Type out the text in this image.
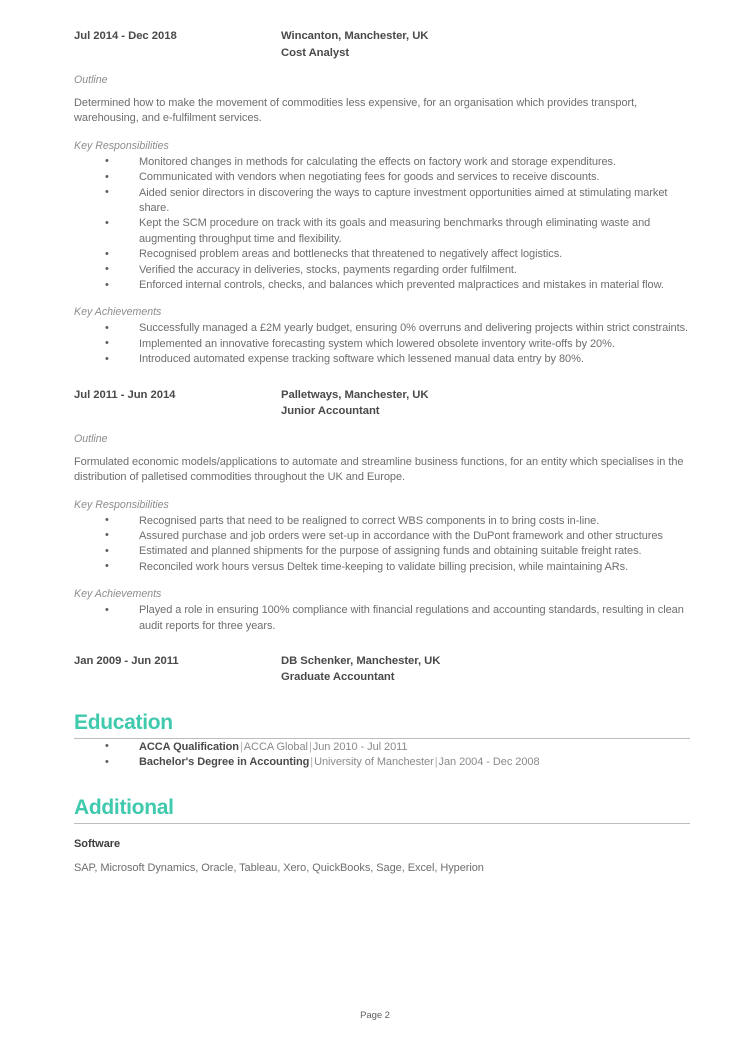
Jul 2014 - Dec 2018	Wincanton, Manchester, UK
Cost Analyst
Outline
Determined how to make the movement of commodities less expensive, for an organisation which provides transport, warehousing, and e-fulfilment services.
Key Responsibilities
• Monitored changes in methods for calculating the effects on factory work and storage expenditures.
• Communicated with vendors when negotiating fees for goods and services to receive discounts.
• Aided senior directors in discovering the ways to capture investment opportunities aimed at stimulating market share.
• Kept the SCM procedure on track with its goals and measuring benchmarks through eliminating waste and augmenting throughput time and flexibility.
• Recognised problem areas and bottlenecks that threatened to negatively affect logistics.
• Verified the accuracy in deliveries, stocks, payments regarding order fulfilment.
• Enforced internal controls, checks, and balances which prevented malpractices and mistakes in material flow.
Key Achievements
• Successfully managed a £2M yearly budget, ensuring 0% overruns and delivering projects within strict constraints.
• Implemented an innovative forecasting system which lowered obsolete inventory write-offs by 20%.
• Introduced automated expense tracking software which lessened manual data entry by 80%.
Jul 2011 - Jun 2014	Palletways, Manchester, UK
Junior Accountant
Outline
Formulated economic models/applications to automate and streamline business functions, for an entity which specialises in the distribution of palletised commodities throughout the UK and Europe.
Key Responsibilities
• Recognised parts that need to be realigned to correct WBS components in to bring costs in-line.
• Assured purchase and job orders were set-up in accordance with the DuPont framework and other structures
• Estimated and planned shipments for the purpose of assigning funds and obtaining suitable freight rates.
• Reconciled work hours versus Deltek time-keeping to validate billing precision, while maintaining ARs.
Key Achievements
• Played a role in ensuring 100% compliance with financial regulations and accounting standards, resulting in clean audit reports for three years.
Jan 2009 - Jun 2011	DB Schenker, Manchester, UK
Graduate Accountant
Education
• ACCA Qualification|ACCA Global|Jun 2010 - Jul 2011
• Bachelor's Degree in Accounting|University of Manchester|Jan 2004 - Dec 2008
Additional
Software
SAP, Microsoft Dynamics, Oracle, Tableau, Xero, QuickBooks, Sage, Excel, Hyperion
Page 2
